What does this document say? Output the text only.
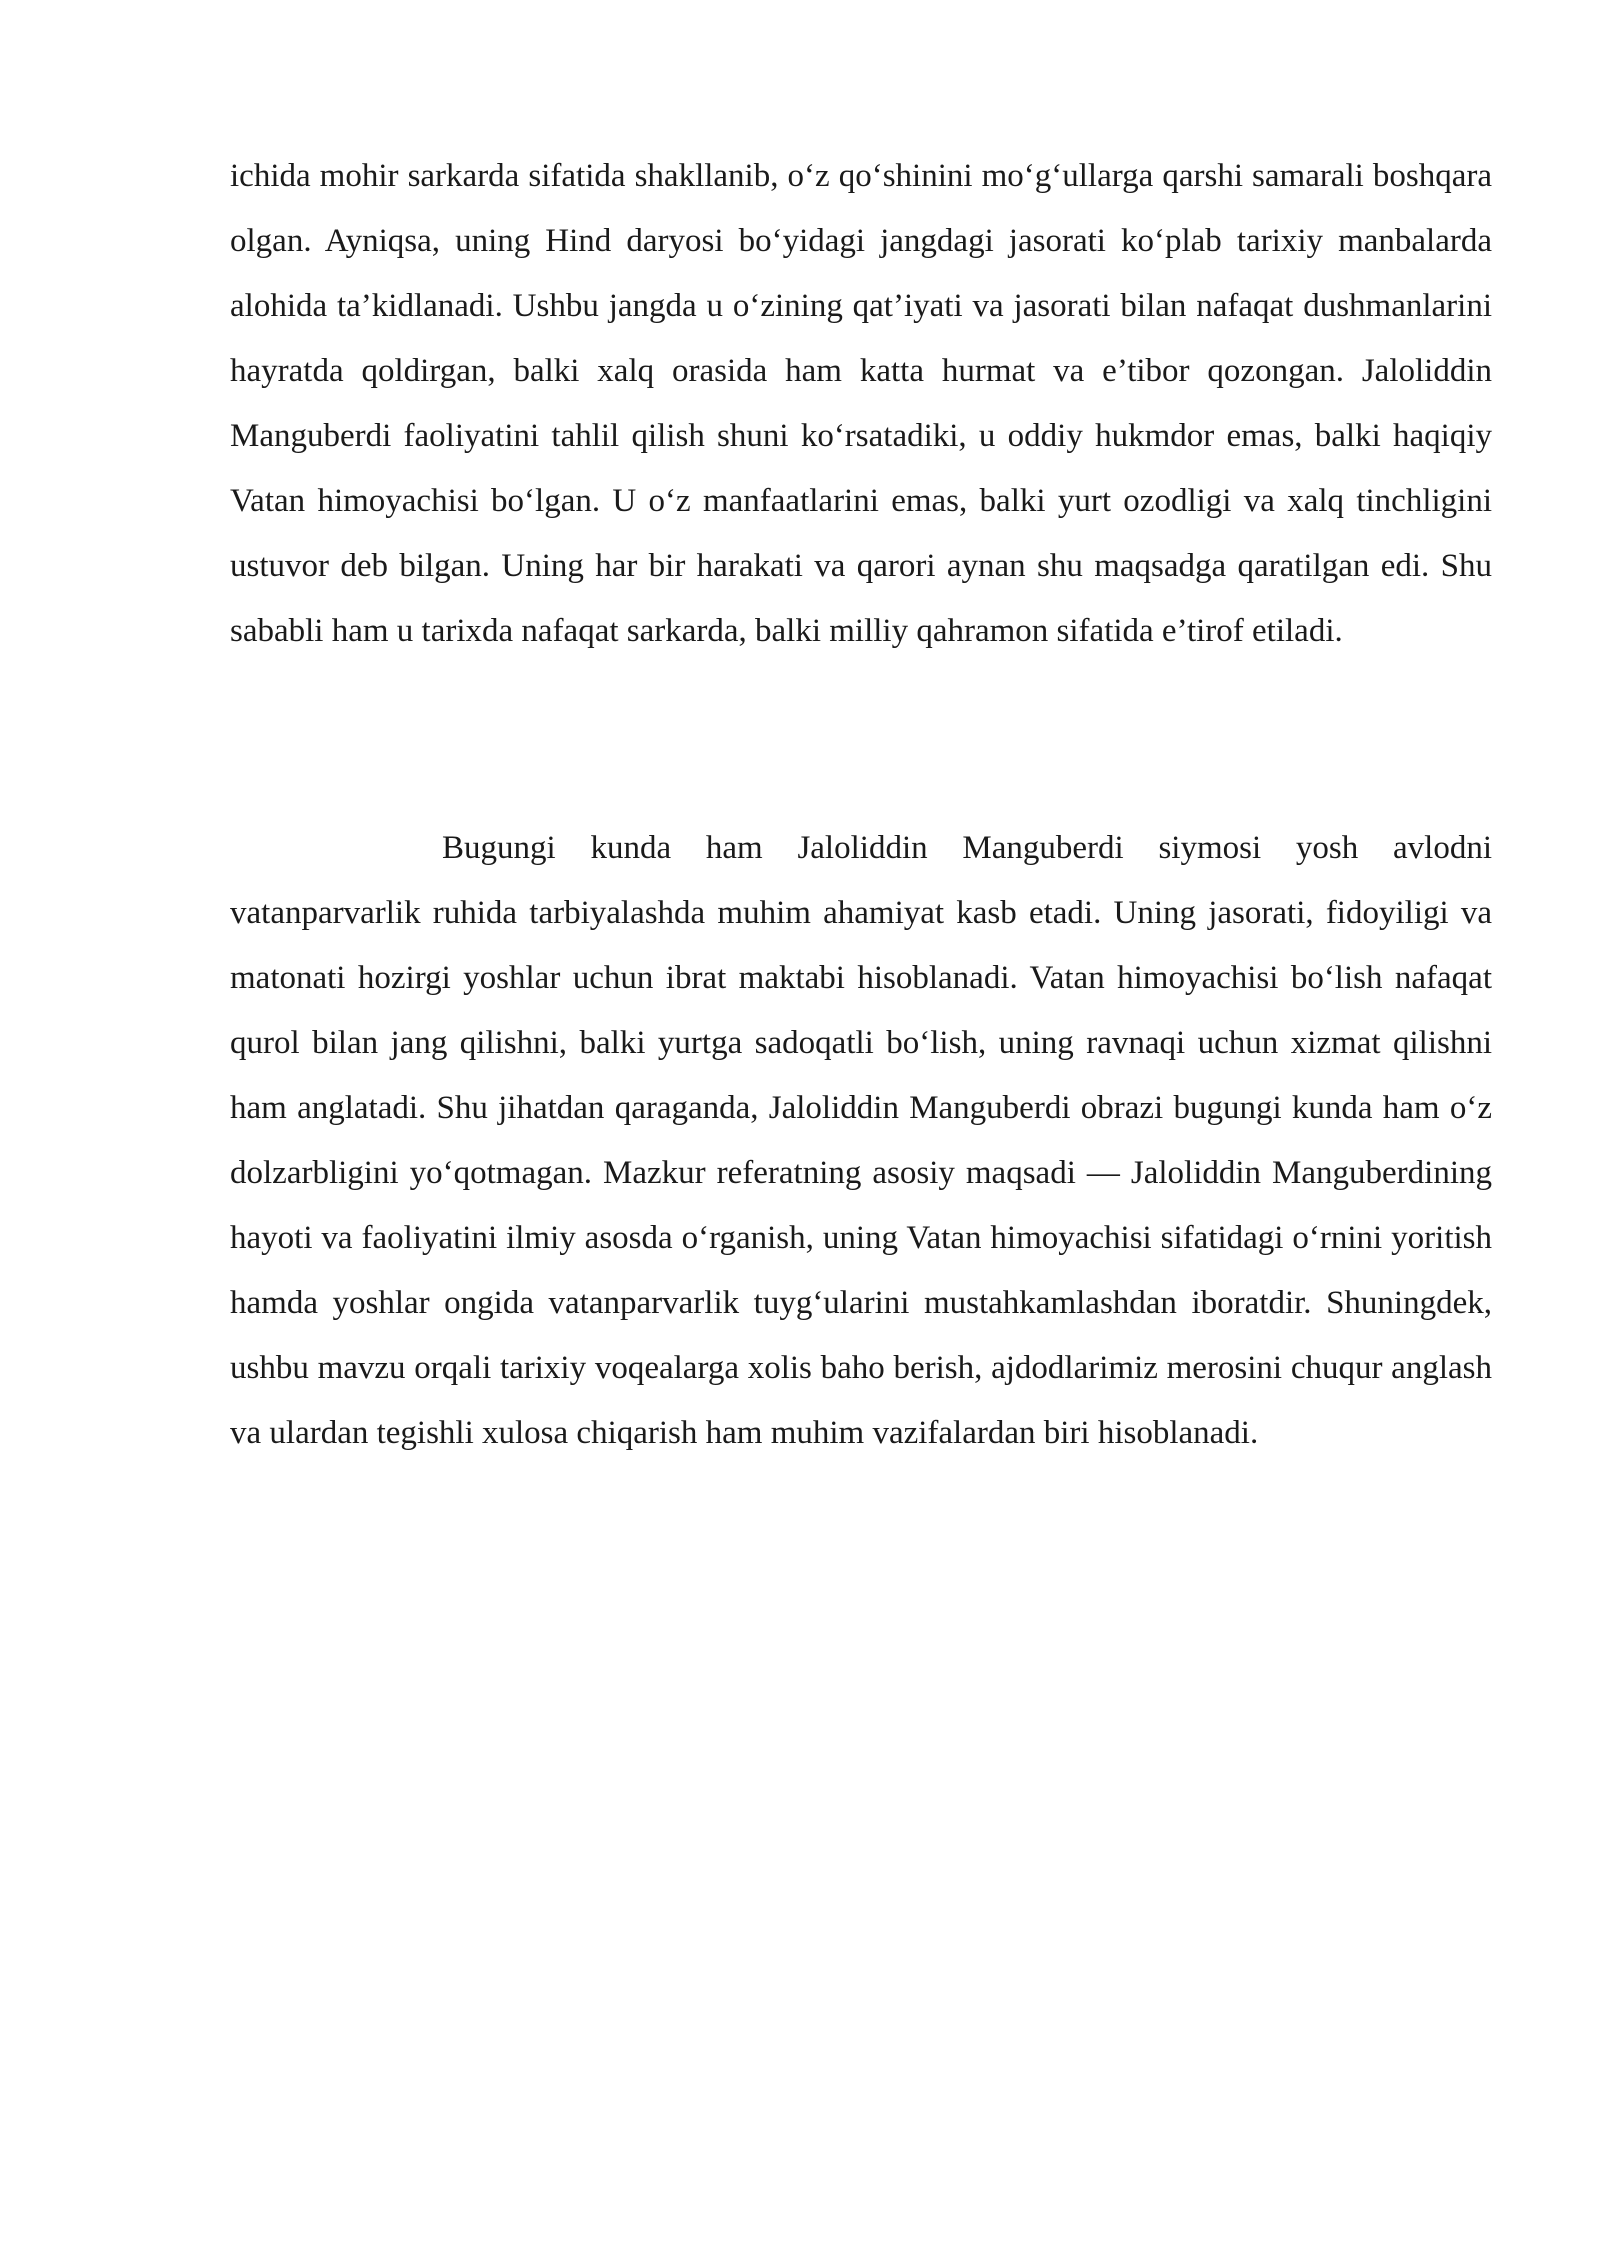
ichida mohir sarkarda sifatida shakllanib, o‘z qo‘shinini mo‘g‘ullarga qarshi samarali boshqara olgan. Ayniqsa, uning Hind daryosi bo‘yidagi jangdagi jasorati ko‘plab tarixiy manbalarda alohida ta’kidlanadi. Ushbu jangda u o‘zining qat’iyati va jasorati bilan nafaqat dushmanlarini hayratda qoldirgan, balki xalq orasida ham katta hurmat va e’tibor qozongan. Jaloliddin Manguberdi faoliyatini tahlil qilish shuni ko‘rsatadiki, u oddiy hukmdor emas, balki haqiqiy Vatan himoyachisi bo‘lgan. U o‘z manfaatlarini emas, balki yurt ozodligi va xalq tinchligini ustuvor deb bilgan. Uning har bir harakati va qarori aynan shu maqsadga qaratilgan edi. Shu sababli ham u tarixda nafaqat sarkarda, balki milliy qahramon sifatida e’tirof etiladi.

Bugungi kunda ham Jaloliddin Manguberdi siymosi yosh avlodni vatanparvarlik ruhida tarbiyalashda muhim ahamiyat kasb etadi. Uning jasorati, fidoyiligi va matonati hozirgi yoshlar uchun ibrat maktabi hisoblanadi. Vatan himoyachisi bo‘lish nafaqat qurol bilan jang qilishni, balki yurtga sadoqatli bo‘lish, uning ravnaqi uchun xizmat qilishni ham anglatadi. Shu jihatdan qaraganda, Jaloliddin Manguberdi obrazi bugungi kunda ham o‘z dolzarbligini yo‘qotmagan. Mazkur referatning asosiy maqsadi — Jaloliddin Manguberdining hayoti va faoliyatini ilmiy asosda o‘rganish, uning Vatan himoyachisi sifatidagi o‘rnini yoritish hamda yoshlar ongida vatanparvarlik tuyg‘ularini mustahkamlashdan iboratdir. Shuningdek, ushbu mavzu orqali tarixiy voqealarga xolis baho berish, ajdodlarimiz merosini chuqur anglash va ulardan tegishli xulosa chiqarish ham muhim vazifalardan biri hisoblanadi.
